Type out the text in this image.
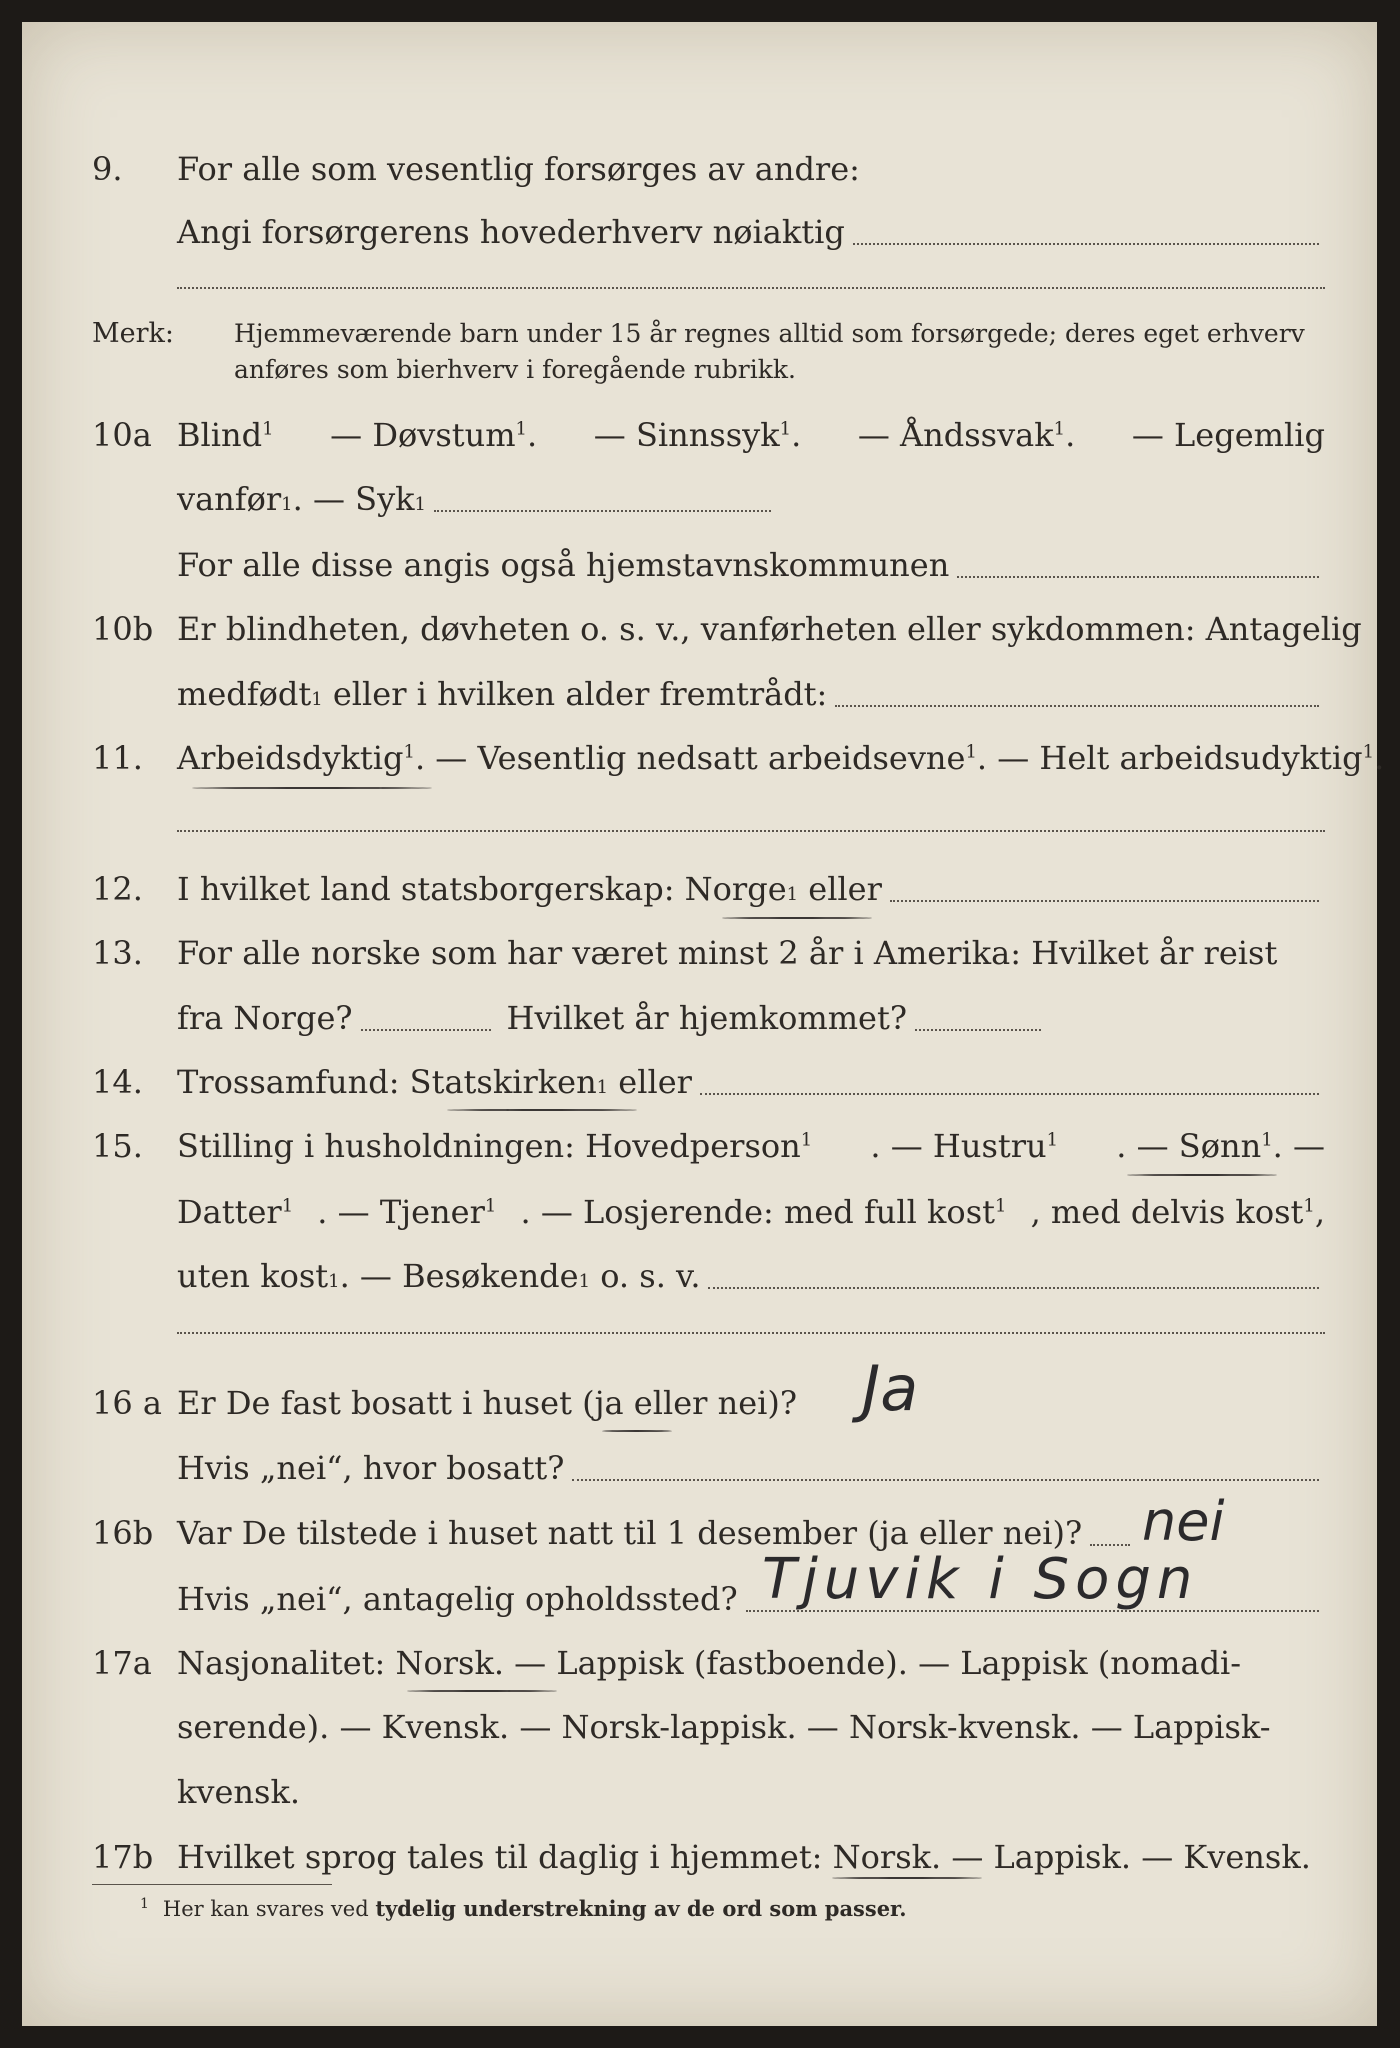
9. For alle som vesentlig forsørges av andre:
Angi forsørgerens hovederhverv nøiaktig
Merk: Hjemmeværende barn under 15 år regnes alltid som forsørgede; deres eget erhverv
anføres som bierhverv i foregående rubrikk.
10a Blind$^1$ — Døvstum$^1$. — Sinnssyk$^1$. — Åndssvak$^1$. — Legemlig
vanfør 1 . — Syk 1
For alle disse angis også hjemstavnskommunen
10b Er blindheten, døvheten o. s. v., vanførheten eller sykdommen: Antagelig
medfødt 1 eller i hvilken alder fremtrådt:
11. Arbeidsdyktig$^1$. — Vesentlig nedsatt arbeidsevne$^1$. — Helt arbeidsudyktig$^1$.
12. I hvilket land statsborgerskap: Norge 1 eller
13. For alle norske som har været minst 2 år i Amerika: Hvilket år reist
fra Norge?	Hvilket år hjemkommet?
14. Trossamfund: Statskirken 1 eller
15. Stilling i husholdningen: Hovedperson$^1$ . — Hustru$^1$ . — Sønn$^1$. —
Datter$^1$ . — Tjener$^1$ . — Losjerende: med full kost$^1$ , med delvis kost$^1$,
uten kost 1 . — Besøkende 1 o. s. v.
16 a Er De fast bosatt i huset (ja eller nei)?	Ja
Hvis „nei“, hvor bosatt?
16b Var De tilstede i huset natt til 1 desember (ja eller nei)? nei
Hvis „nei“, antagelig opholdssted? Tjuvik i Sogn
17a Nasjonalitet: Norsk. — Lappisk (fastboende). — Lappisk (nomadi-
serende). — Kvensk. — Norsk-lappisk. — Norsk-kvensk. — Lappisk-
kvensk.
17b Hvilket sprog tales til daglig i hjemmet: Norsk. — Lappisk. — Kvensk.
$^1$ Her kan svares ved tydelig understrekning av de ord som passer.
